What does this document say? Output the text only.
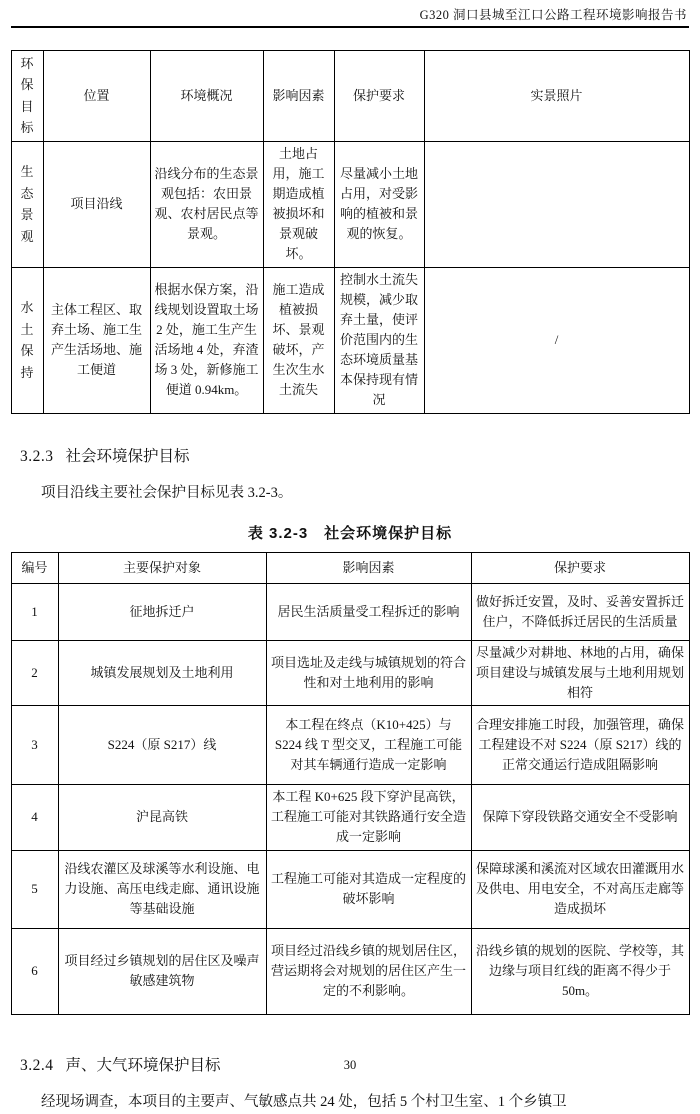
G320 洞口县城至江口公路工程环境影响报告书
环保目标	位置	环境概况	影响因素	保护要求	实景照片
生态景观	项目沿线	沿线分布的生态景观包括：农田景观、农村居民点等景观。	土地占用，施工期造成植被损坏和景观破坏。	尽量减小土地占用，对受影响的植被和景观的恢复。	
水土保持	主体工程区、取弃土场、施工生产生活场地、施工便道	根据水保方案，沿线规划设置取土场 2 处，施工生产生活场地 4 处，弃渣场 3 处，新修施工便道 0.94km。	施工造成植被损坏、景观破坏，产生次生水土流失	控制水土流失规模，减少取弃土量，使评价范围内的生态环境质量基本保持现有情况	/
3.2.3 社会环境保护目标

项目沿线主要社会保护目标见表 3.2-3。

表 3.2-3　社会环境保护目标
编号	主要保护对象	影响因素	保护要求
1	征地拆迁户	居民生活质量受工程拆迁的影响	做好拆迁安置，及时、妥善安置拆迁住户，不降低拆迁居民的生活质量
2	城镇发展规划及土地利用	项目选址及走线与城镇规划的符合性和对土地利用的影响	尽量减少对耕地、林地的占用，确保项目建设与城镇发展与土地利用规划相符
3	S224（原 S217）线	本工程在终点（K10+425）与 S224 线 T 型交叉，工程施工可能对其车辆通行造成一定影响	合理安排施工时段，加强管理，确保工程建设不对 S224（原 S217）线的正常交通运行造成阻隔影响
4	沪昆高铁	本工程 K0+625 段下穿沪昆高铁，工程施工可能对其铁路通行安全造成一定影响	保障下穿段铁路交通安全不受影响
5	沿线农灌区及球溪等水利设施、电力设施、高压电线走廊、通讯设施等基础设施	工程施工可能对其造成一定程度的破坏影响	保障球溪和溪流对区域农田灌溉用水及供电、用电安全，不对高压走廊等造成损坏
6	项目经过乡镇规划的居住区及噪声敏感建筑物	项目经过沿线乡镇的规划居住区，营运期将会对规划的居住区产生一定的不利影响。	沿线乡镇的规划的医院、学校等，其边缘与项目红线的距离不得少于 50m。
3.2.4 声、大气环境保护目标

经现场调查，本项目的主要声、气敏感点共 24 处，包括 5 个村卫生室、1 个乡镇卫

30
